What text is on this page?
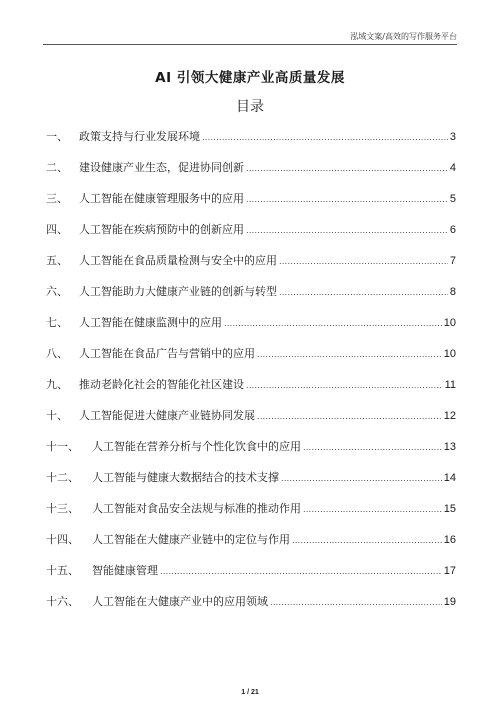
泓域文案/高效的写作服务平台
AI 引领大健康产业高质量发展
目录
一、	政策支持与行业发展环境 .....	3
二、	建设健康产业生态，促进协同创新 .....	4
三、	人工智能在健康管理服务中的应用 .....	5
四、	人工智能在疾病预防中的创新应用 .....	6
五、	人工智能在食品质量检测与安全中的应用 .....	7
六、	人工智能助力大健康产业链的创新与转型 .....	8
七、	人工智能在健康监测中的应用 .....	10
八、	人工智能在食品广告与营销中的应用 .....	10
九、	推动老龄化社会的智能化社区建设 .....	11
十、	人工智能促进大健康产业链协同发展 .....	12
十一、	人工智能在营养分析与个性化饮食中的应用 .....	13
十二、	人工智能与健康大数据结合的技术支撑 .....	14
十三、	人工智能对食品安全法规与标准的推动作用 .....	15
十四、	人工智能在大健康产业链中的定位与作用 .....	16
十五、	智能健康管理 .....	17
十六、	人工智能在大健康产业中的应用领域 .....	19
1 / 21
